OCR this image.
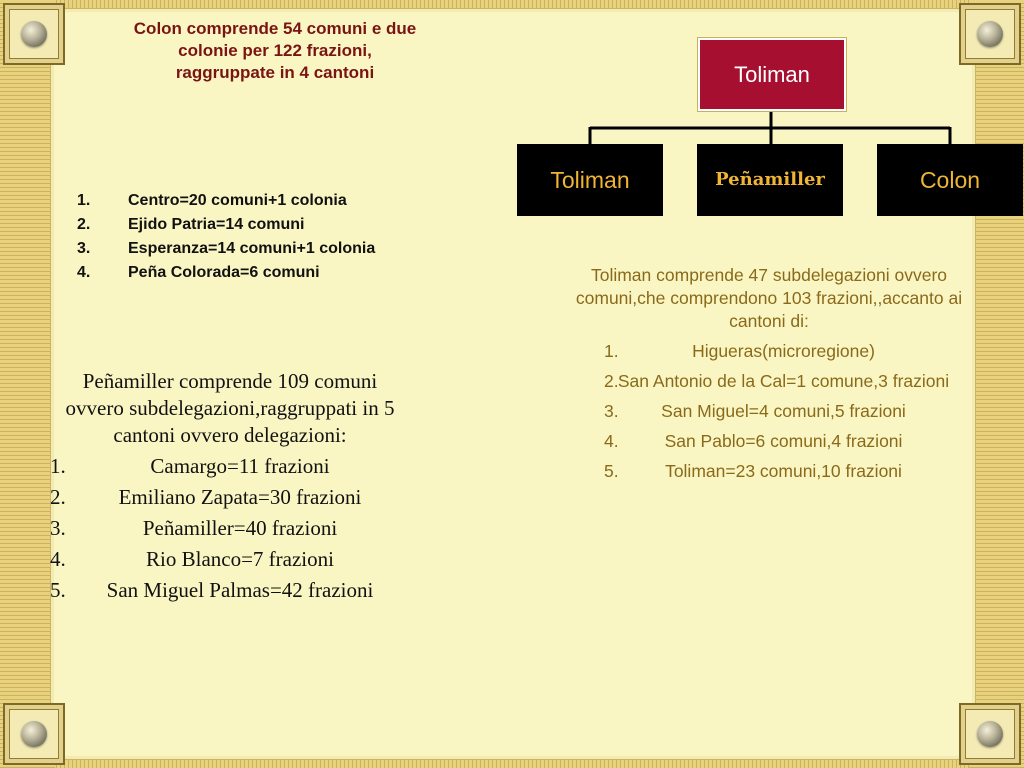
Colon comprende 54 comuni e due
colonie per 122 frazioni,
raggruppate in 4 cantoni
1. Centro=20 comuni+1 colonia
2. Ejido Patria=14 comuni
3. Esperanza=14 comuni+1 colonia
4. Peña Colorada=6 comuni
Toliman
Toliman	Peñamiller	Colon
Peñamiller comprende 109 comuni ovvero subdelegazioni,raggruppati in 5 cantoni ovvero delegazioni:
1.	Camargo=11 frazioni
2.	Emiliano Zapata=30 frazioni
3.	Peñamiller=40 frazioni
4.	Rio Blanco=7 frazioni
5. San Miguel Palmas=42 frazioni
Toliman comprende 47 subdelegazioni ovvero comuni,che comprendono 103 frazioni,,accanto ai cantoni di:
1.	Higueras(microregione)
2. San Antonio de la Cal=1 comune,3 frazioni
3. San Miguel=4 comuni,5 frazioni
4.	San Pablo=6 comuni,4 frazioni
5.	Toliman=23 comuni,10 frazioni
